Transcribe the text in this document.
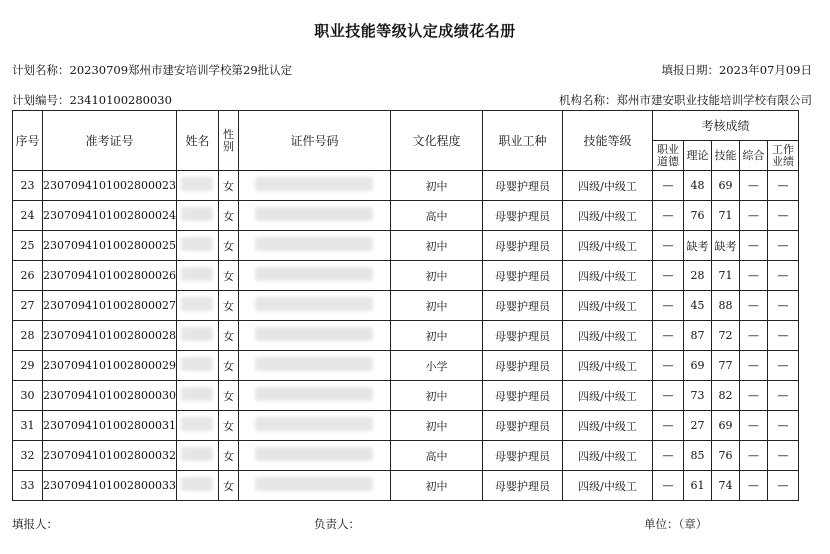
职业技能等级认定成绩花名册
计划名称：20230709郑州市建安培训学校第29批认定	填报日期：2023年07月09日
计划编号：23410100280030	机构名称：郑州市建安职业技能培训学校有限公司
序号	准考证号	姓名	性别	证件号码	文化程度	职业工种	技能等级	考核成绩				
								职业道德	理论	技能	综合	工作业绩
23	2307094101002800023		女		初中	母婴护理员	四级/中级工	—	48	69	—	—
24	2307094101002800024		女		高中	母婴护理员	四级/中级工	—	76	71	—	—
25	2307094101002800025		女		初中	母婴护理员	四级/中级工	—	缺考	缺考	—	—
26	2307094101002800026		女		初中	母婴护理员	四级/中级工	—	28	71	—	—
27	2307094101002800027		女		初中	母婴护理员	四级/中级工	—	45	88	—	—
28	2307094101002800028		女		初中	母婴护理员	四级/中级工	—	87	72	—	—
29	2307094101002800029		女		小学	母婴护理员	四级/中级工	—	69	77	—	—
30	2307094101002800030		女		初中	母婴护理员	四级/中级工	—	73	82	—	—
31	2307094101002800031		女		初中	母婴护理员	四级/中级工	—	27	69	—	—
32	2307094101002800032		女		高中	母婴护理员	四级/中级工	—	85	76	—	—
33	2307094101002800033		女		初中	母婴护理员	四级/中级工	—	61	74	—	—
填报人：	负责人：	单位：（章）
